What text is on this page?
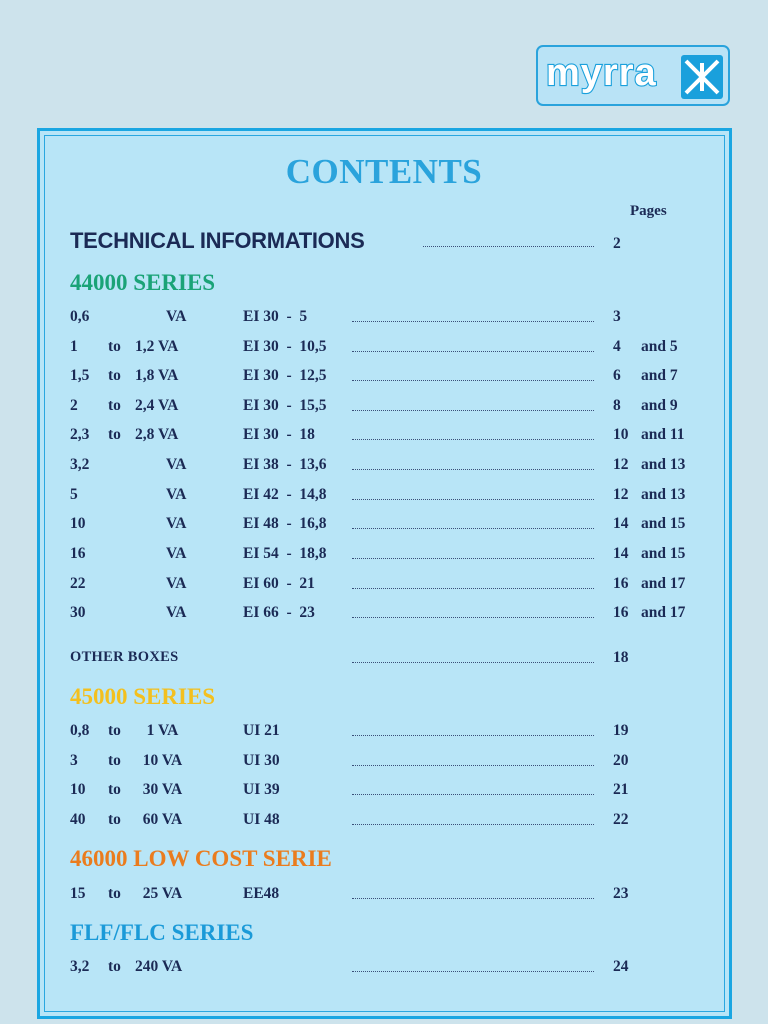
myrra
CONTENTS
Pages
TECHNICAL INFORMATIONS	2
44000 SERIES
0,6	VA	EI 30  -  5	3
1 to 1,2 VA	EI 30  -  10,5	4 and 5
1,5 to 1,8 VA	EI 30  -  12,5	6 and 7
2 to 2,4 VA	EI 30  -  15,5	8 and 9
2,3 to 2,8 VA	EI 30  -  18	10 and 11
3,2	VA	EI 38  -  13,6	12 and 13
5	VA	EI 42  -  14,8	12 and 13
10	VA	EI 48  -  16,8	14 and 15
16	VA	EI 54  -  18,8	14 and 15
22	VA	EI 60  -  21	16 and 17
30	VA	EI 66  -  23	16 and 17
OTHER BOXES	18
45000 SERIES
0,8 to 1 VA	UI 21	19
3 to 10 VA	UI 30	20
10 to 30 VA	UI 39	21
40 to 60 VA	UI 48	22
46000 LOW COST SERIE
15 to 25 VA	EE48	23
FLF/FLC SERIES
3,2 to 240 VA	24
